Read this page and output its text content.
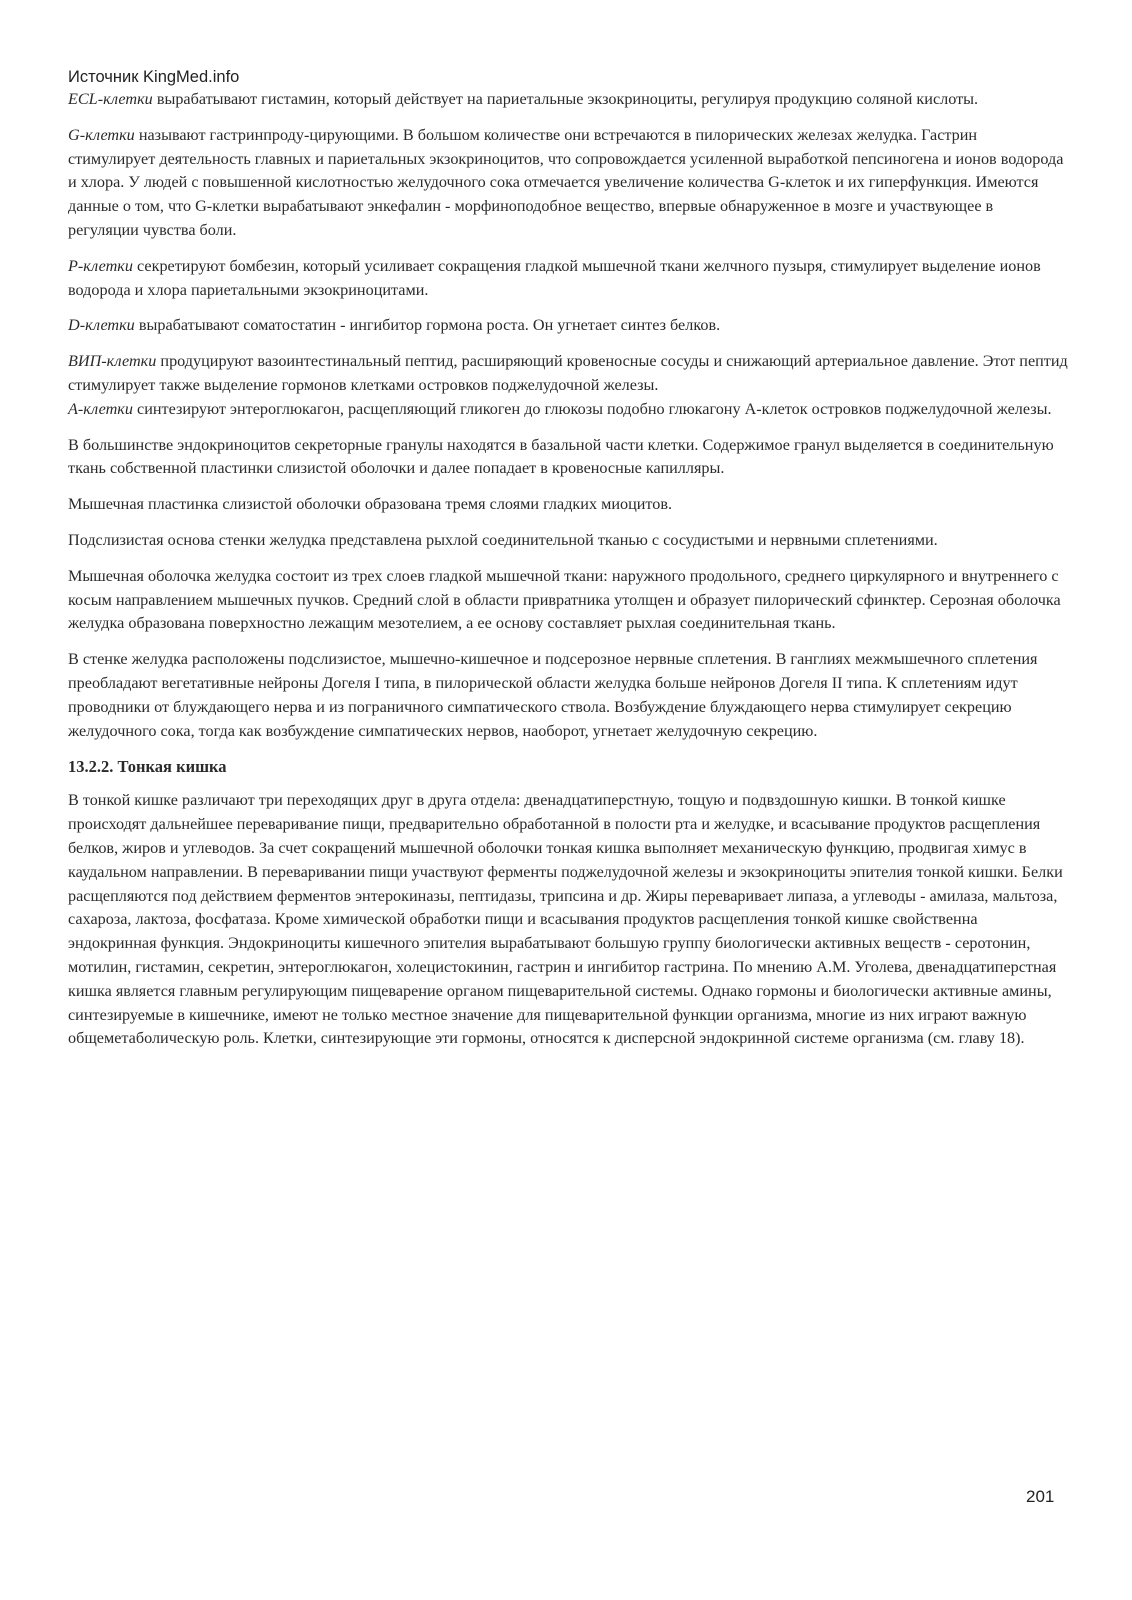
Источник KingMed.info

ECL-клетки вырабатывают гистамин, который действует на париетальные экзокриноциты, регулируя продукцию соляной кислоты.

G-клетки называют гастринпроду-цирующими. В большом количестве они встречаются в пилорических железах желудка. Гастрин стимулирует деятельность главных и париетальных экзокриноцитов, что сопровождается усиленной выработкой пепсиногена и ионов водорода и хлора. У людей с повышенной кислотностью желудочного сока отмечается увеличение количества G-клеток и их гиперфункция. Имеются данные о том, что G-клетки вырабатывают энкефалин - морфиноподобное вещество, впервые обнаруженное в мозге и участвующее в регуляции чувства боли.

Р-клетки секретируют бомбезин, который усиливает сокращения гладкой мышечной ткани желчного пузыря, стимулирует выделение ионов водорода и хлора париетальными экзокриноцитами.

D-клетки вырабатывают соматостатин - ингибитор гормона роста. Он угнетает синтез белков.

ВИП-клетки продуцируют вазоинтестинальный пептид, расширяющий кровеносные сосуды и снижающий артериальное давление. Этот пептид стимулирует также выделение гормонов клетками островков поджелудочной железы.

А-клетки синтезируют энтероглюкагон, расщепляющий гликоген до глюкозы подобно глюкагону А-клеток островков поджелудочной железы.

В большинстве эндокриноцитов секреторные гранулы находятся в базальной части клетки. Содержимое гранул выделяется в соединительную ткань собственной пластинки слизистой оболочки и далее попадает в кровеносные капилляры.

Мышечная пластинка слизистой оболочки образована тремя слоями гладких миоцитов.

Подслизистая основа стенки желудка представлена рыхлой соединительной тканью с сосудистыми и нервными сплетениями.

Мышечная оболочка желудка состоит из трех слоев гладкой мышечной ткани: наружного продольного, среднего циркулярного и внутреннего с косым направлением мышечных пучков. Средний слой в области привратника утолщен и образует пилорический сфинктер. Серозная оболочка желудка образована поверхностно лежащим мезотелием, а ее основу составляет рыхлая соединительная ткань.

В стенке желудка расположены подслизистое, мышечно-кишечное и подсерозное нервные сплетения. В ганглиях межмышечного сплетения преобладают вегетативные нейроны Догеля I типа, в пилорической области желудка больше нейронов Догеля II типа. К сплетениям идут проводники от блуждающего нерва и из пограничного симпатического ствола. Возбуждение блуждающего нерва стимулирует секрецию желудочного сока, тогда как возбуждение симпатических нервов, наоборот, угнетает желудочную секрецию.

13.2.2. Тонкая кишка

В тонкой кишке различают три переходящих друг в друга отдела: двенадцатиперстную, тощую и подвздошную кишки. В тонкой кишке происходят дальнейшее переваривание пищи, предварительно обработанной в полости рта и желудке, и всасывание продуктов расщепления белков, жиров и углеводов. За счет сокращений мышечной оболочки тонкая кишка выполняет механическую функцию, продвигая химус в каудальном направлении. В переваривании пищи участвуют ферменты поджелудочной железы и экзокриноциты эпителия тонкой кишки. Белки расщепляются под действием ферментов энтерокиназы, пептидазы, трипсина и др. Жиры переваривает липаза, а углеводы - амилаза, мальтоза, сахароза, лактоза, фосфатаза. Кроме химической обработки пищи и всасывания продуктов расщепления тонкой кишке свойственна эндокринная функция. Эндокриноциты кишечного эпителия вырабатывают большую группу биологически активных веществ - серотонин, мотилин, гистамин, секретин, энтероглюкагон, холецистокинин, гастрин и ингибитор гастрина. По мнению А.М. Уголева, двенадцатиперстная кишка является главным регулирующим пищеварение органом пищеварительной системы. Однако гормоны и биологически активные амины, синтезируемые в кишечнике, имеют не только местное значение для пищеварительной функции организма, многие из них играют важную общеметаболическую роль. Клетки, синтезирующие эти гормоны, относятся к дисперсной эндокринной системе организма (см. главу 18).

201
